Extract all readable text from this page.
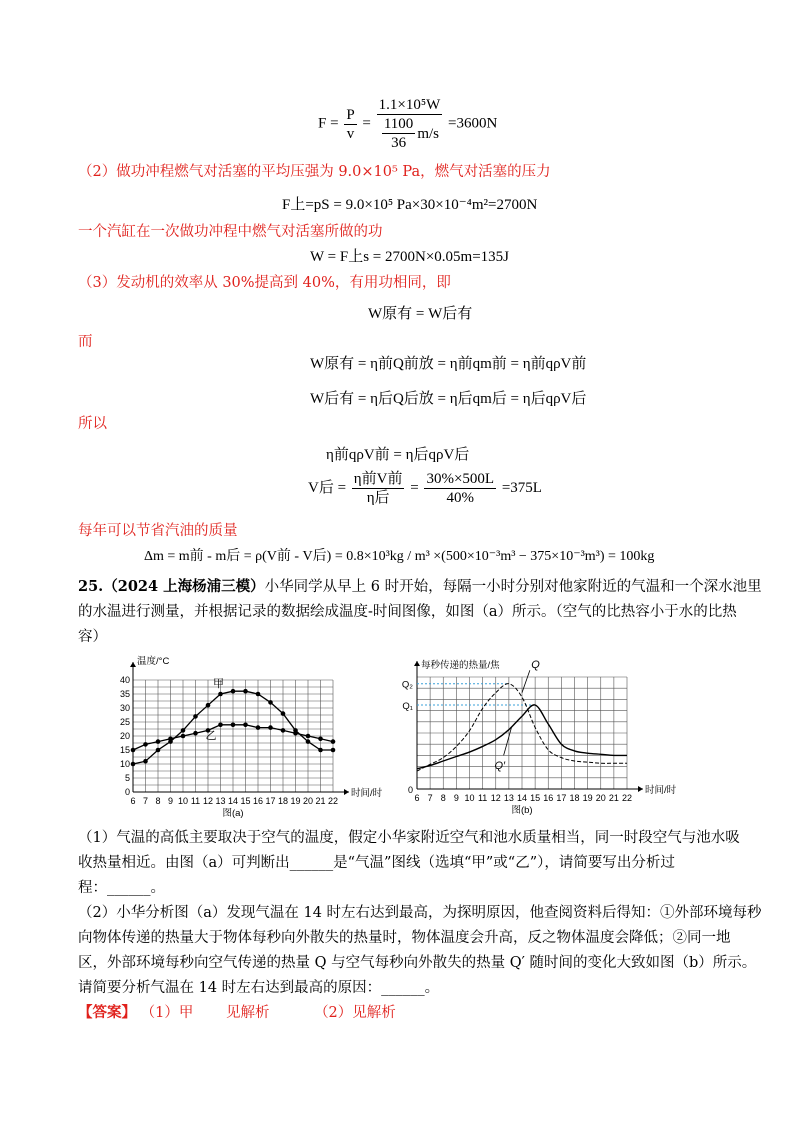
$F = \frac{P}{v} = \frac{\text{1.1×10⁵W}}{\frac{1100}{36} m/s} =3600N$
（2）做功冲程燃气对活塞的平均压强为 9.0×10⁵ Pa，燃气对活塞的压力
F上=pS = 9.0×10⁵ Pa×30×10⁻⁴m²=2700N
一个汽缸在一次做功冲程中燃气对活塞所做的功
W = F上s = 2700N×0.05m=135J
（3）发动机的效率从 30%提高到 40%，有用功相同，即
W原有 = W后有
而
W原有 = η前Q前放 = η前qm前 = η前qρV前
W后有 = η后Q后放 = η后qm后 = η后qρV后
所以
η前qρV前 = η后qρV后
V后 = $\frac{\text{η前V前}}{\text{η后}} = \frac{30\%\times 500L}{40\%} =375L$
每年可以节省汽油的质量
Δm = m前 - m后 = ρ(V前 - V后) = 0.8×10³kg / m³ ×(500×10⁻³m³ − 375×10⁻³m³) = 100kg
25.（2024 上海杨浦三模）小华同学从早上 6 时开始，每隔一小时分别对他家附近的气温和一个深水池里
的水温进行测量，并根据记录的数据绘成温度-时间图像，如图（a）所示。（空气的比热容小于水的比热
容）
0
5
10
15
20
25
30
35
40
6 7 8 9 10 11 12 13 14 15 16 17 18 19 20 21 22
温度/°C
时间/时
图(a)
甲
乙
6 7 8 9 10 11 12 13 14 15 16 17 18 19 20 21 22
0
每秒传递的热量/焦
时间/时
图(b)
Q₂
Q₁
Q
Q′
（1）气温的高低主要取决于空气的温度，假定小华家附近空气和池水质量相当，同一时段空气与池水吸
收热量相近。由图（a）可判断出______是“气温”图线（选填“甲”或“乙”），请简要写出分析过
程：______。
（2）小华分析图（a）发现气温在 14 时左右达到最高，为探明原因，他查阅资料后得知：①外部环境每秒
向物体传递的热量大于物体每秒向外散失的热量时，物体温度会升高，反之物体温度会降低；②同一地
区，外部环境每秒向空气传递的热量 Q 与空气每秒向外散失的热量 Q′ 随时间的变化大致如图（b）所示。
请简要分析气温在 14 时左右达到最高的原因：______。
【答案】 （1）甲 见解析	（2）见解析
